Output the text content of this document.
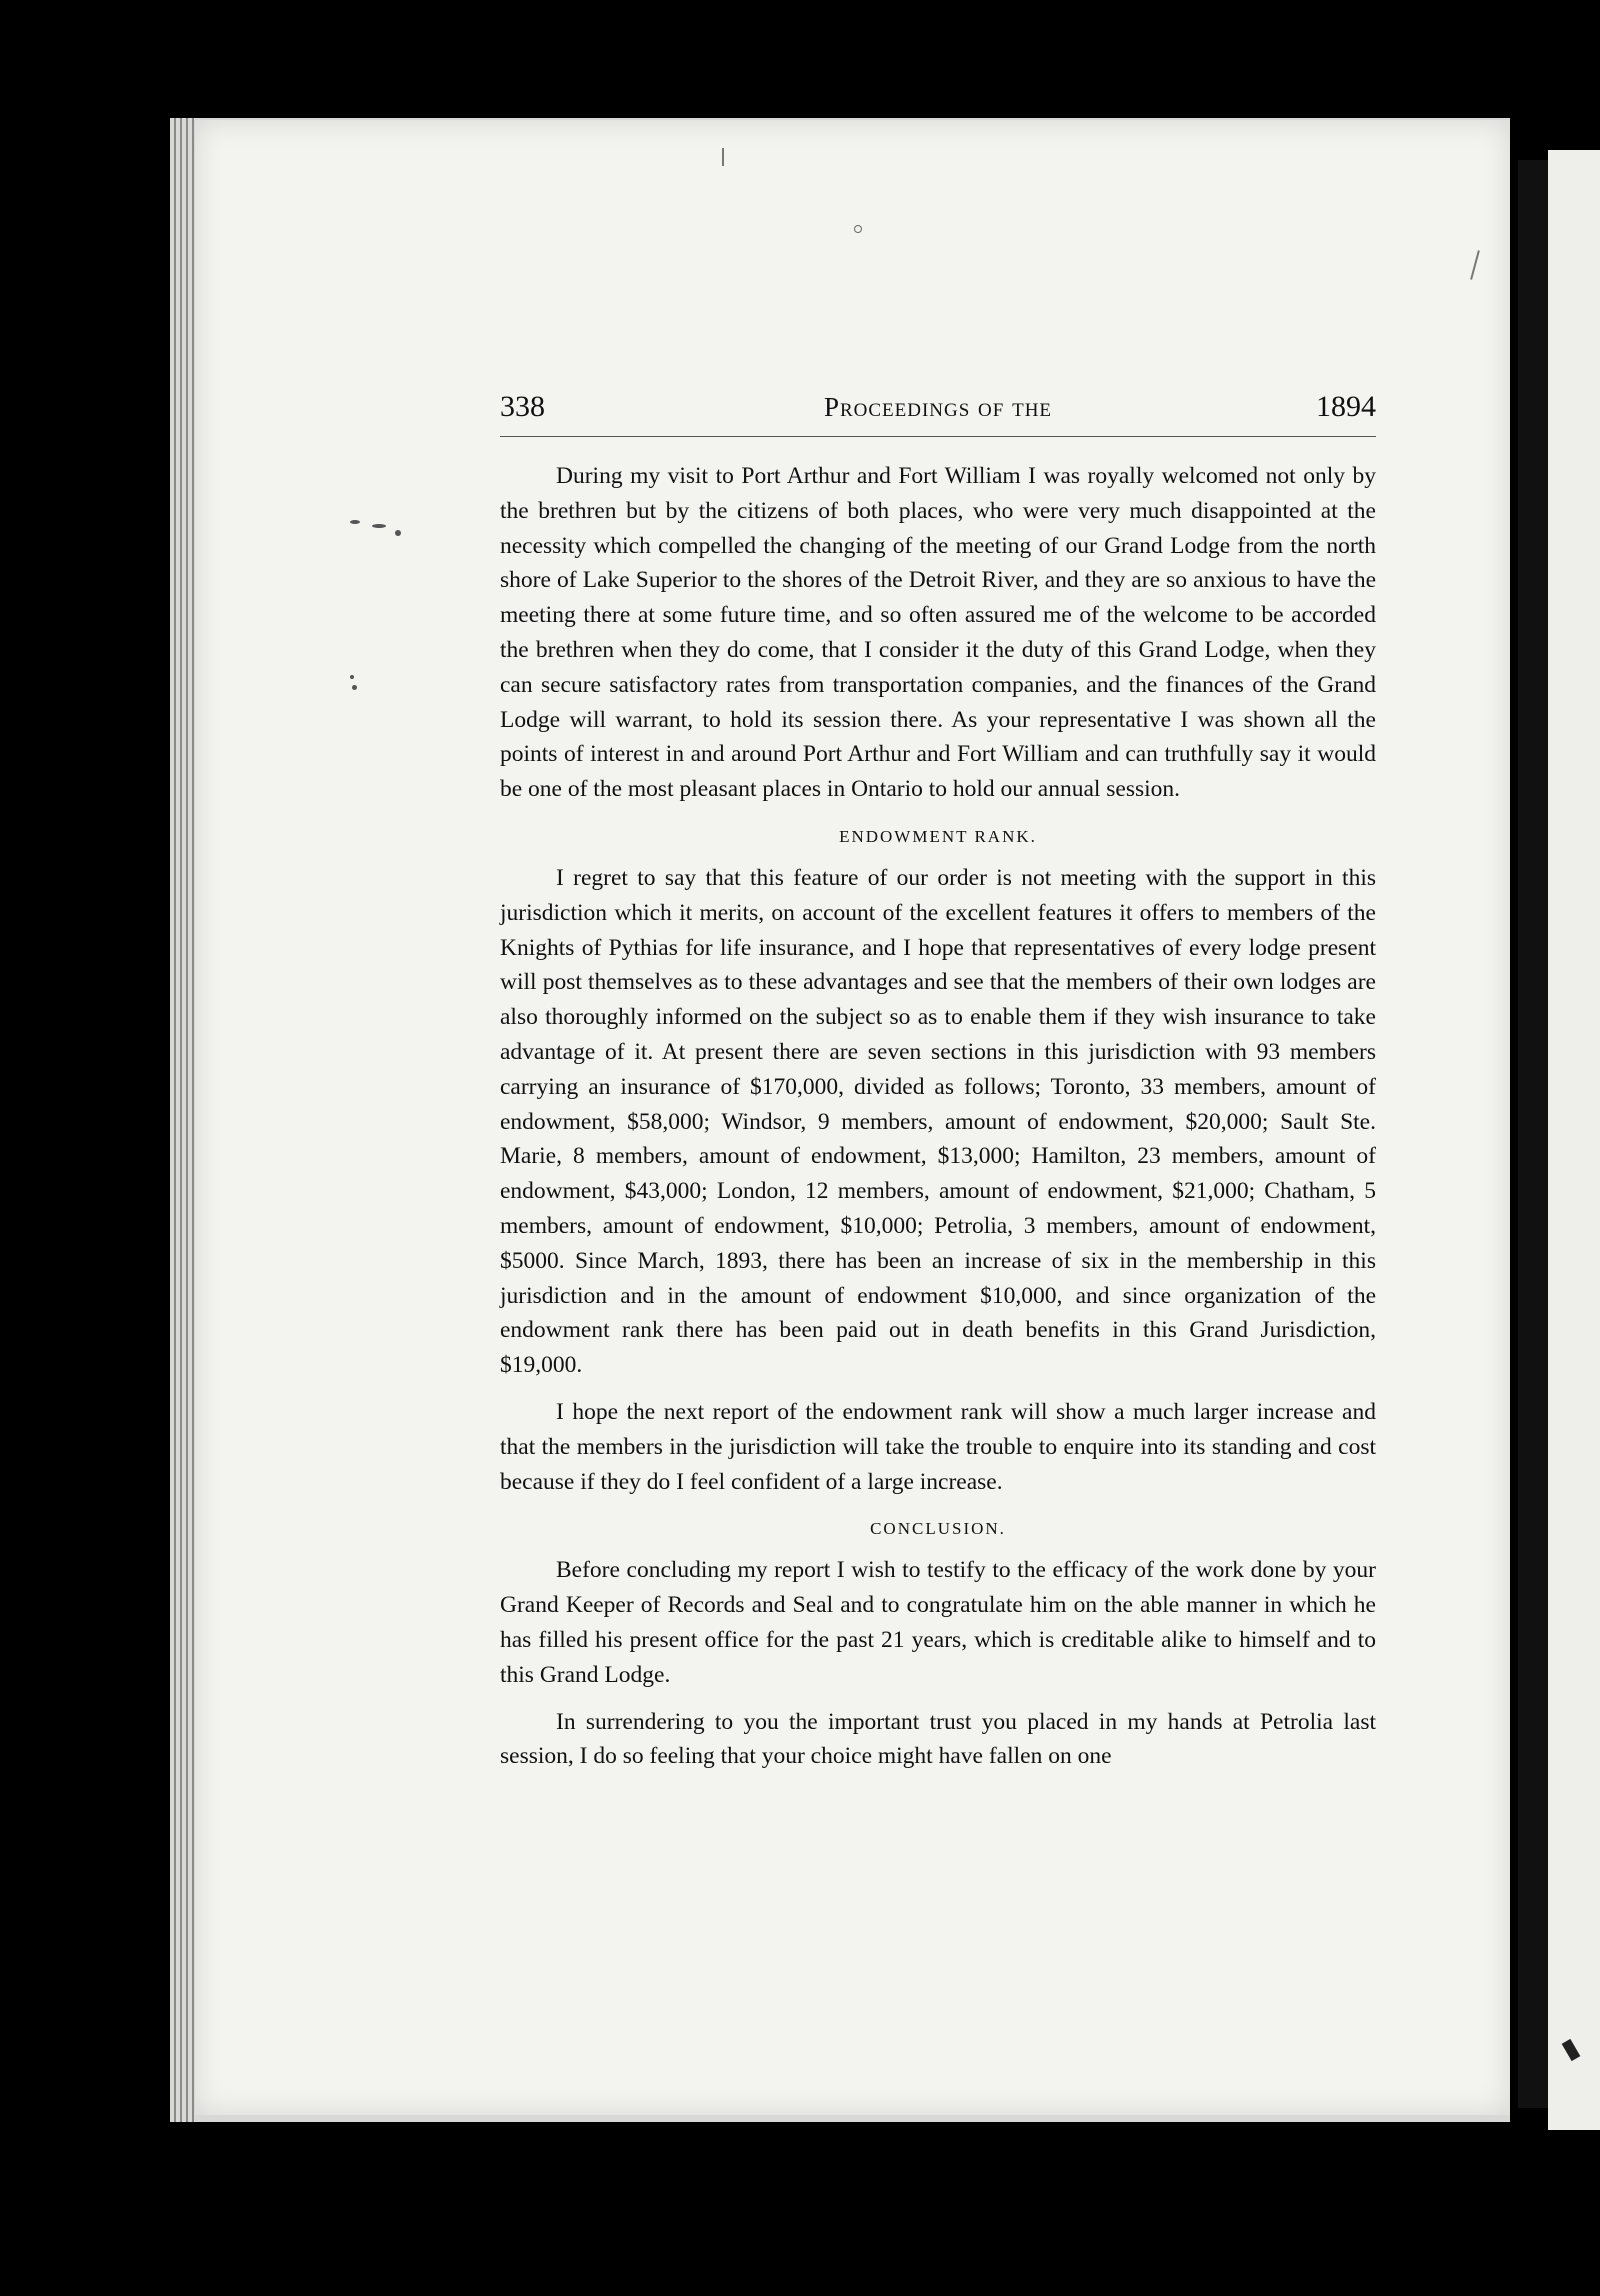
338	Proceedings of the	1894

During my visit to Port Arthur and Fort William I was royally welcomed not only by the brethren but by the citizens of both places, who were very much disappointed at the necessity which compelled the changing of the meeting of our Grand Lodge from the north shore of Lake Superior to the shores of the Detroit River, and they are so anxious to have the meeting there at some future time, and so often assured me of the welcome to be accorded the brethren when they do come, that I consider it the duty of this Grand Lodge, when they can secure satisfactory rates from transportation companies, and the finances of the Grand Lodge will warrant, to hold its session there. As your representative I was shown all the points of interest in and around Port Arthur and Fort William and can truthfully say it would be one of the most pleasant places in Ontario to hold our annual session.

ENDOWMENT RANK.

I regret to say that this feature of our order is not meeting with the support in this jurisdiction which it merits, on account of the excellent features it offers to members of the Knights of Pythias for life insurance, and I hope that representatives of every lodge present will post themselves as to these advantages and see that the members of their own lodges are also thoroughly informed on the subject so as to enable them if they wish insurance to take advantage of it. At present there are seven sections in this jurisdiction with 93 members carrying an insurance of $170,000, divided as follows; Toronto, 33 members, amount of endowment, $58,000; Windsor, 9 members, amount of endowment, $20,000; Sault Ste. Marie, 8 members, amount of endowment, $13,000; Hamilton, 23 members, amount of endowment, $43,000; London, 12 members, amount of endowment, $21,000; Chatham, 5 members, amount of endowment, $10,000; Petrolia, 3 members, amount of endowment, $5000. Since March, 1893, there has been an increase of six in the membership in this jurisdiction and in the amount of endowment $10,000, and since organization of the endowment rank there has been paid out in death benefits in this Grand Jurisdiction, $19,000.

I hope the next report of the endowment rank will show a much larger increase and that the members in the jurisdiction will take the trouble to enquire into its standing and cost because if they do I feel confident of a large increase.

CONCLUSION.

Before concluding my report I wish to testify to the efficacy of the work done by your Grand Keeper of Records and Seal and to congratulate him on the able manner in which he has filled his present office for the past 21 years, which is creditable alike to himself and to this Grand Lodge.

In surrendering to you the important trust you placed in my hands at Petrolia last session, I do so feeling that your choice might have fallen on one
